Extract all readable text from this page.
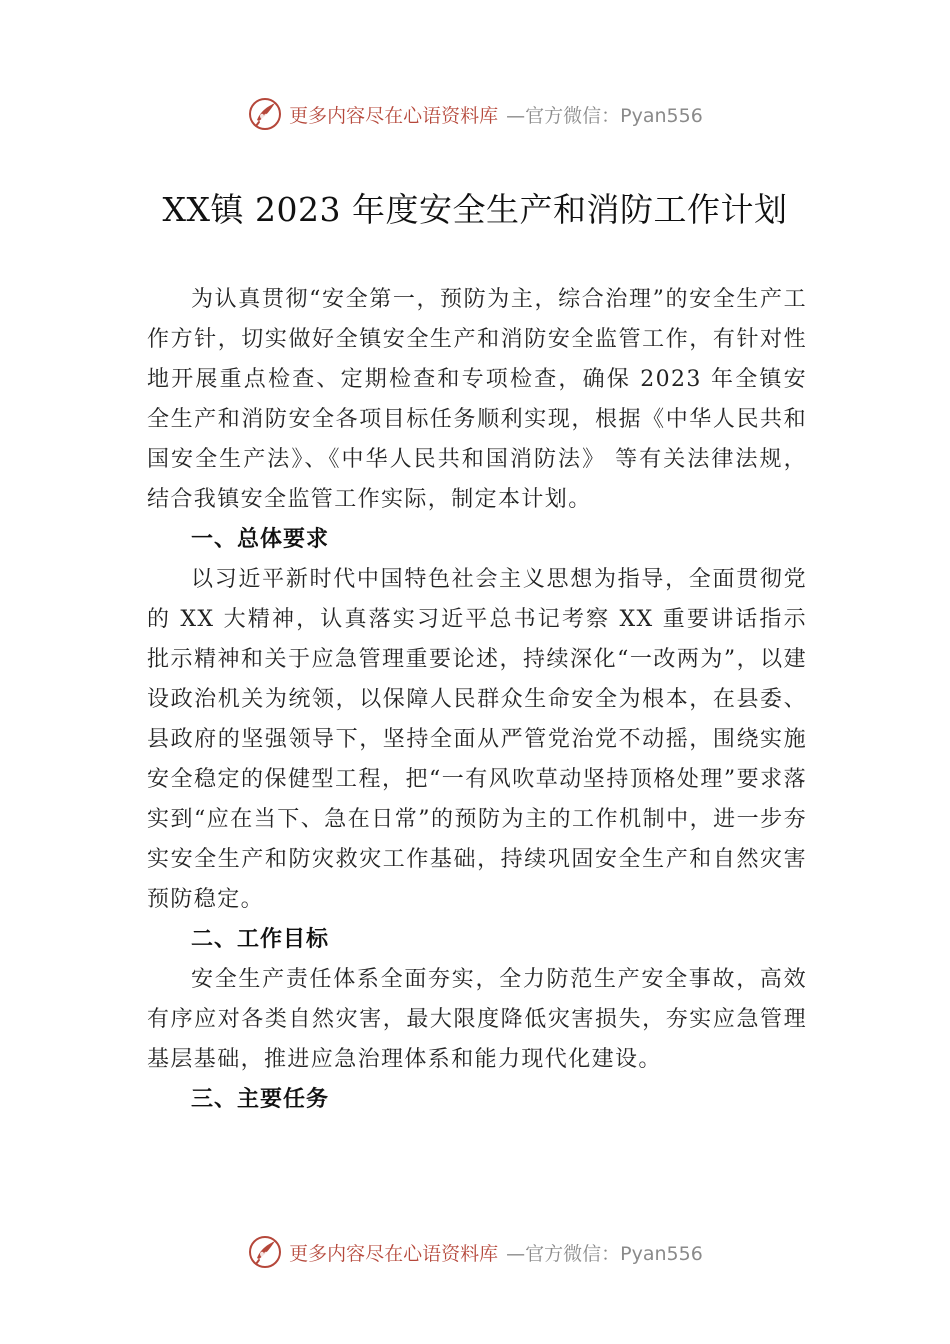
更多内容尽在心语资料库 —官方微信：Pyan556
XX镇 2023 年度安全生产和消防工作计划

为认真贯彻“安全第一，预防为主，综合治理”的安全生产工作方针，切实做好全镇安全生产和消防安全监管工作，有针对性地开展重点检查、定期检查和专项检查，确保 2023 年全镇安全生产和消防安全各项目标任务顺利实现，根据《中华人民共和国安全生产法》、《中华人民共和国消防法》 等有关法律法规，结合我镇安全监管工作实际，制定本计划。

一、总体要求

以习近平新时代中国特色社会主义思想为指导，全面贯彻党的 XX 大精神，认真落实习近平总书记考察 XX 重要讲话指示批示精神和关于应急管理重要论述，持续深化“一改两为”，以建设政治机关为统领，以保障人民群众生命安全为根本，在县委、县政府的坚强领导下，坚持全面从严管党治党不动摇，围绕实施安全稳定的保健型工程，把“一有风吹草动坚持顶格处理”要求落实到“应在当下、急在日常”的预防为主的工作机制中，进一步夯实安全生产和防灾救灾工作基础，持续巩固安全生产和自然灾害预防稳定。

二、工作目标

安全生产责任体系全面夯实，全力防范生产安全事故，高效有序应对各类自然灾害，最大限度降低灾害损失，夯实应急管理基层基础，推进应急治理体系和能力现代化建设。

三、主要任务
更多内容尽在心语资料库 —官方微信：Pyan556
